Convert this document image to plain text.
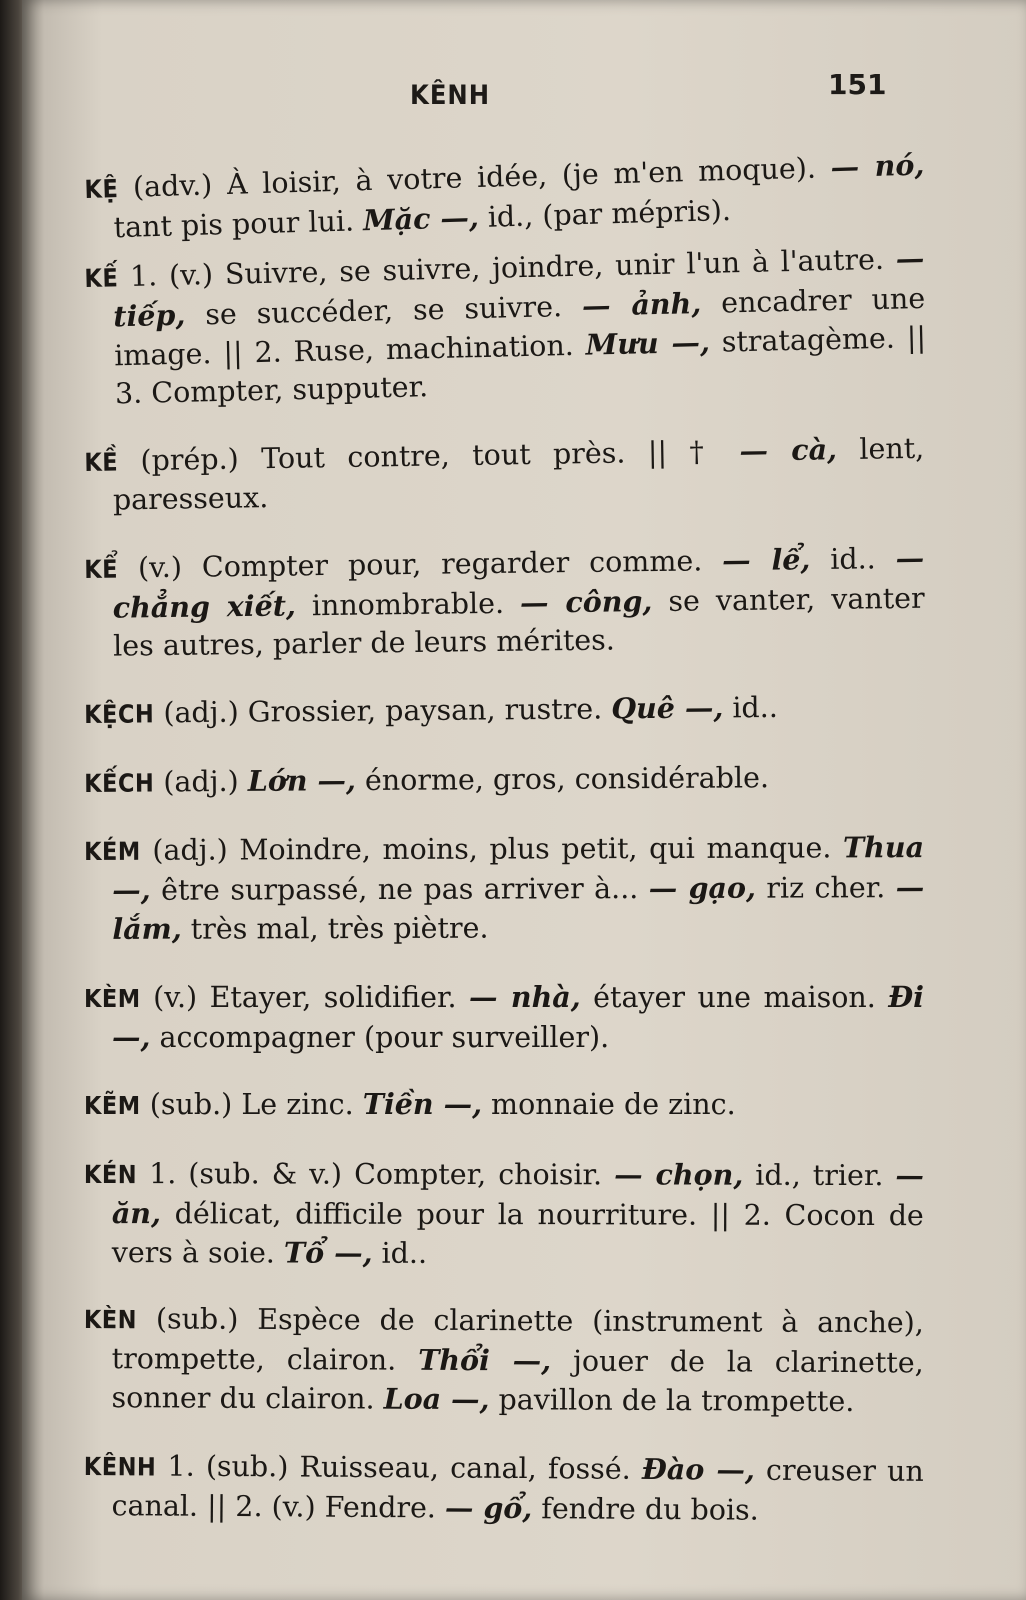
KÊNH	151

KỆ (adv.) À loisir, à votre idée, (je m'en moque). — nó, tant pis pour lui. Mặc —, id., (par mépris).

KẾ 1. (v.) Suivre, se suivre, joindre, unir l'un à l'autre. — tiếp, se succéder, se suivre. — ảnh, encadrer une image. || 2. Ruse, machination. Mưu —, stratagème. || 3. Compter, supputer.

KỀ (prép.) Tout contre, tout près. || † — cà, lent, paresseux.

KỂ (v.) Compter pour, regarder comme. — lể, id.. — chẳng xiết, innombrable. — công, se vanter, vanter les autres, parler de leurs mérites.

KỆCH (adj.) Grossier, paysan, rustre. Quê —, id..

KẾCH (adj.) Lớn —, énorme, gros, considérable.

KÉM (adj.) Moindre, moins, plus petit, qui manque. Thua —, être surpassé, ne pas arriver à... — gạo, riz cher. — lắm, très mal, très piètre.

KÈM (v.) Etayer, solidifier. — nhà, étayer une maison. Đi —, accompagner (pour surveiller).

KẼM (sub.) Le zinc. Tiền —, monnaie de zinc.

KÉN 1. (sub. & v.) Compter, choisir. — chọn, id., trier. — ăn, délicat, difficile pour la nourriture. || 2. Cocon de vers à soie. Tổ —, id..

KÈN (sub.) Espèce de clarinette (instrument à anche), trompette, clairon. Thổi —, jouer de la clarinette, sonner du clairon. Loa —, pavillon de la trompette.

KÊNH 1. (sub.) Ruisseau, canal, fossé. Đào —, creuser un canal. || 2. (v.) Fendre. — gổ, fendre du bois.
